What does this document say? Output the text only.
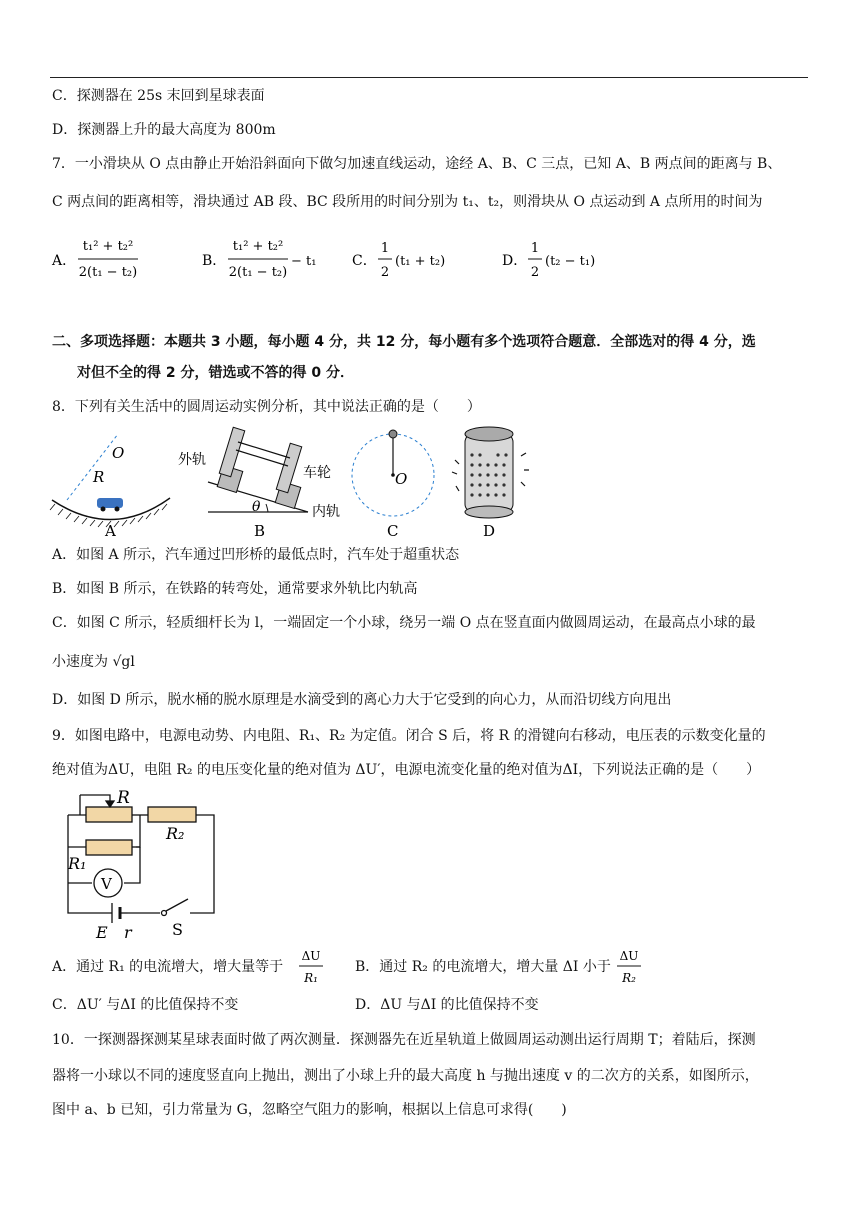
C．探测器在 25s 末回到星球表面
D．探测器上升的最大高度为 800m
7．一小滑块从 O 点由静止开始沿斜面向下做匀加速直线运动，途经 A、B、C 三点，已知 A、B 两点间的距离与 B、
C 两点间的距离相等，滑块通过 AB 段、BC 段所用的时间分别为 t₁、t₂，则滑块从 O 点运动到 A 点所用的时间为
A．
t₁² + t₂²
2(t₁ − t₂)
B．
t₁² + t₂²
2(t₁ − t₂)
− t₁	C．
1
2
(t₁ + t₂)	D．
1
2
(t₂ − t₁)
二、多项选择题：本题共 3 小题，每小题 4 分，共 12 分，每小题有多个选项符合题意．全部选对的得 4 分，选
对但不全的得 2 分，错选或不答的得 0 分．
8．下列有关生活中的圆周运动实例分析，其中说法正确的是（　　）
O
R
A
θ
外轨
车轮
内轨
B
O
C	D
A．如图 A 所示，汽车通过凹形桥的最低点时，汽车处于超重状态
B．如图 B 所示，在铁路的转弯处，通常要求外轨比内轨高
C．如图 C 所示，轻质细杆长为 l，一端固定一个小球，绕另一端 O 点在竖直面内做圆周运动，在最高点小球的最
小速度为 √gl
D．如图 D 所示，脱水桶的脱水原理是水滴受到的离心力大于它受到的向心力，从而沿切线方向甩出
9．如图电路中，电源电动势、内电阻、R₁、R₂ 为定值。闭合 S 后，将 R 的滑键向右移动，电压表的示数变化量的
绝对值为ΔU，电阻 R₂ 的电压变化量的绝对值为 ΔU′，电源电流变化量的绝对值为ΔI，下列说法正确的是（　　）
R
R₂
R₁
V
E r	S
A．通过 R₁ 的电流增大，增大量等于
ΔU
R₁
B．通过 R₂ 的电流增大，增大量 ΔI 小于
ΔU
R₂
C．ΔU′ 与ΔI 的比值保持不变	D．ΔU 与ΔI 的比值保持不变
10．一探测器探测某星球表面时做了两次测量．探测器先在近星轨道上做圆周运动测出运行周期 T；着陆后，探测
器将一小球以不同的速度竖直向上抛出，测出了小球上升的最大高度 h 与抛出速度 v 的二次方的关系，如图所示，
图中 a、b 已知，引力常量为 G，忽略空气阻力的影响，根据以上信息可求得(　　)
